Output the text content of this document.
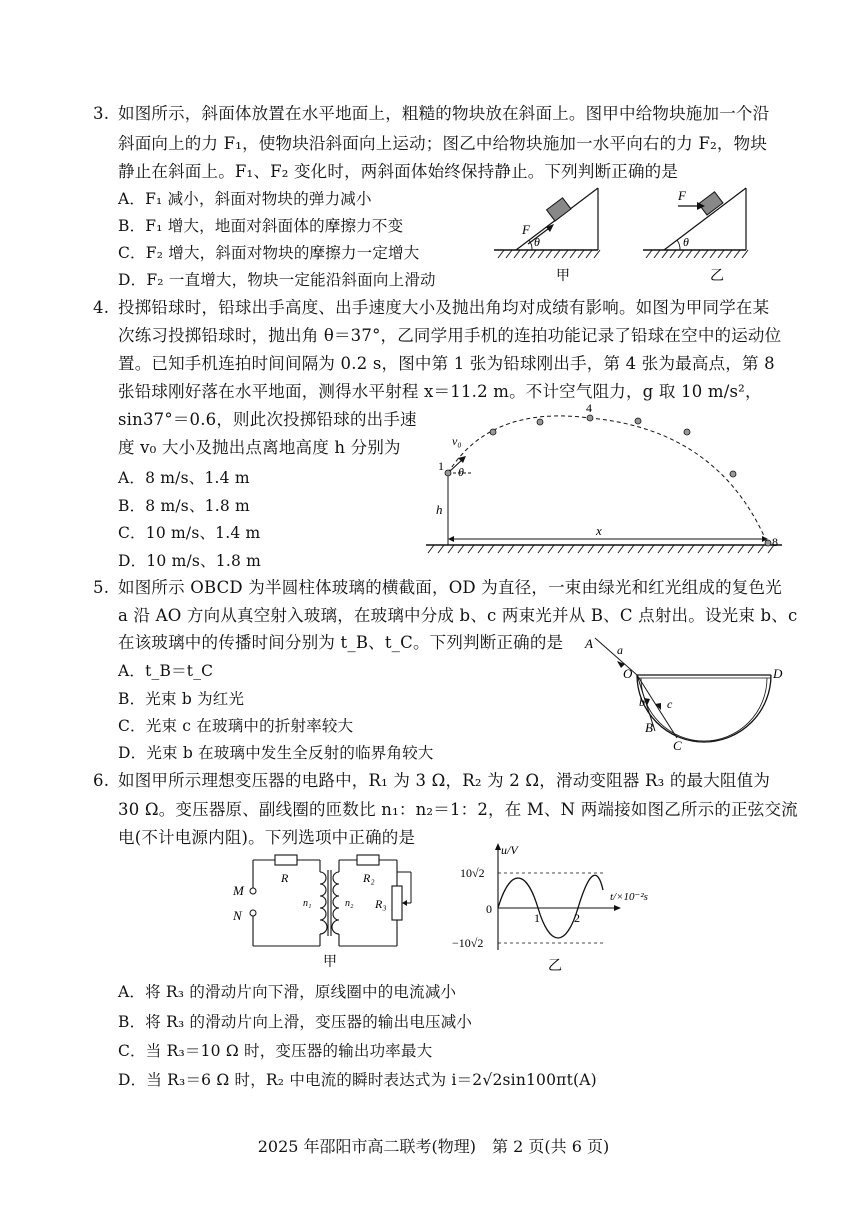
3. 如图所示，斜面体放置在水平地面上，粗糙的物块放在斜面上。图甲中给物块施加一个沿
斜面向上的力 F₁，使物块沿斜面向上运动；图乙中给物块施加一水平向右的力 F₂，物块
静止在斜面上。F₁、F₂ 变化时，两斜面体始终保持静止。下列判断正确的是
A．F₁ 减小，斜面对物块的弹力减小
B．F₁ 增大，地面对斜面体的摩擦力不变
C．F₂ 增大，斜面对物块的摩擦力一定增大
D．F₂ 一直增大，物块一定能沿斜面向上滑动
F
θ
甲
F
θ
乙
4. 投掷铅球时，铅球出手高度、出手速度大小及抛出角均对成绩有影响。如图为甲同学在某
次练习投掷铅球时，抛出角 θ＝37°，乙同学用手机的连拍功能记录了铅球在空中的运动位
置。已知手机连拍时间间隔为 0.2 s，图中第 1 张为铅球刚出手，第 4 张为最高点，第 8
张铅球刚好落在水平地面，测得水平射程 x＝11.2 m。不计空气阻力，g 取 10 m/s²，
sin37°＝0.6，则此次投掷铅球的出手速
度 v₀ 大小及抛出点离地高度 h 分别为
A．8 m/s、1.4 m
B．8 m/s、1.8 m
C．10 m/s、1.4 m
D．10 m/s、1.8 m
1
4
8
v₀
θ
h
x
5. 如图所示 OBCD 为半圆柱体玻璃的横截面，OD 为直径，一束由绿光和红光组成的复色光
a 沿 AO 方向从真空射入玻璃，在玻璃中分成 b、c 两束光并从 B、C 点射出。设光束 b、c
在该玻璃中的传播时间分别为 t_B、t_C。下列判断正确的是
A．t_B＝t_C
B．光束 b 为红光
C．光束 c 在玻璃中的折射率较大
D．光束 b 在玻璃中发生全反射的临界角较大
A a
O	D
b c
B
C
6. 如图甲所示理想变压器的电路中，R₁ 为 3 Ω，R₂ 为 2 Ω，滑动变阻器 R₃ 的最大阻值为
30 Ω。变压器原、副线圈的匝数比 n₁：n₂＝1：2，在 M、N 两端接如图乙所示的正弦交流
电(不计电源内阻)。下列选项中正确的是
M
N
R	R₂
R₃
n₁	n₂
甲
u/V
t/×10⁻²s
10√2
−10√2
0
1	2
乙
A．将 R₃ 的滑动片向下滑，原线圈中的电流减小
B．将 R₃ 的滑动片向上滑，变压器的输出电压减小
C．当 R₃＝10 Ω 时，变压器的输出功率最大
D．当 R₃＝6 Ω 时，R₂ 中电流的瞬时表达式为 i＝2√2sin100πt(A)
2025 年邵阳市高二联考(物理)　第 2 页(共 6 页)
